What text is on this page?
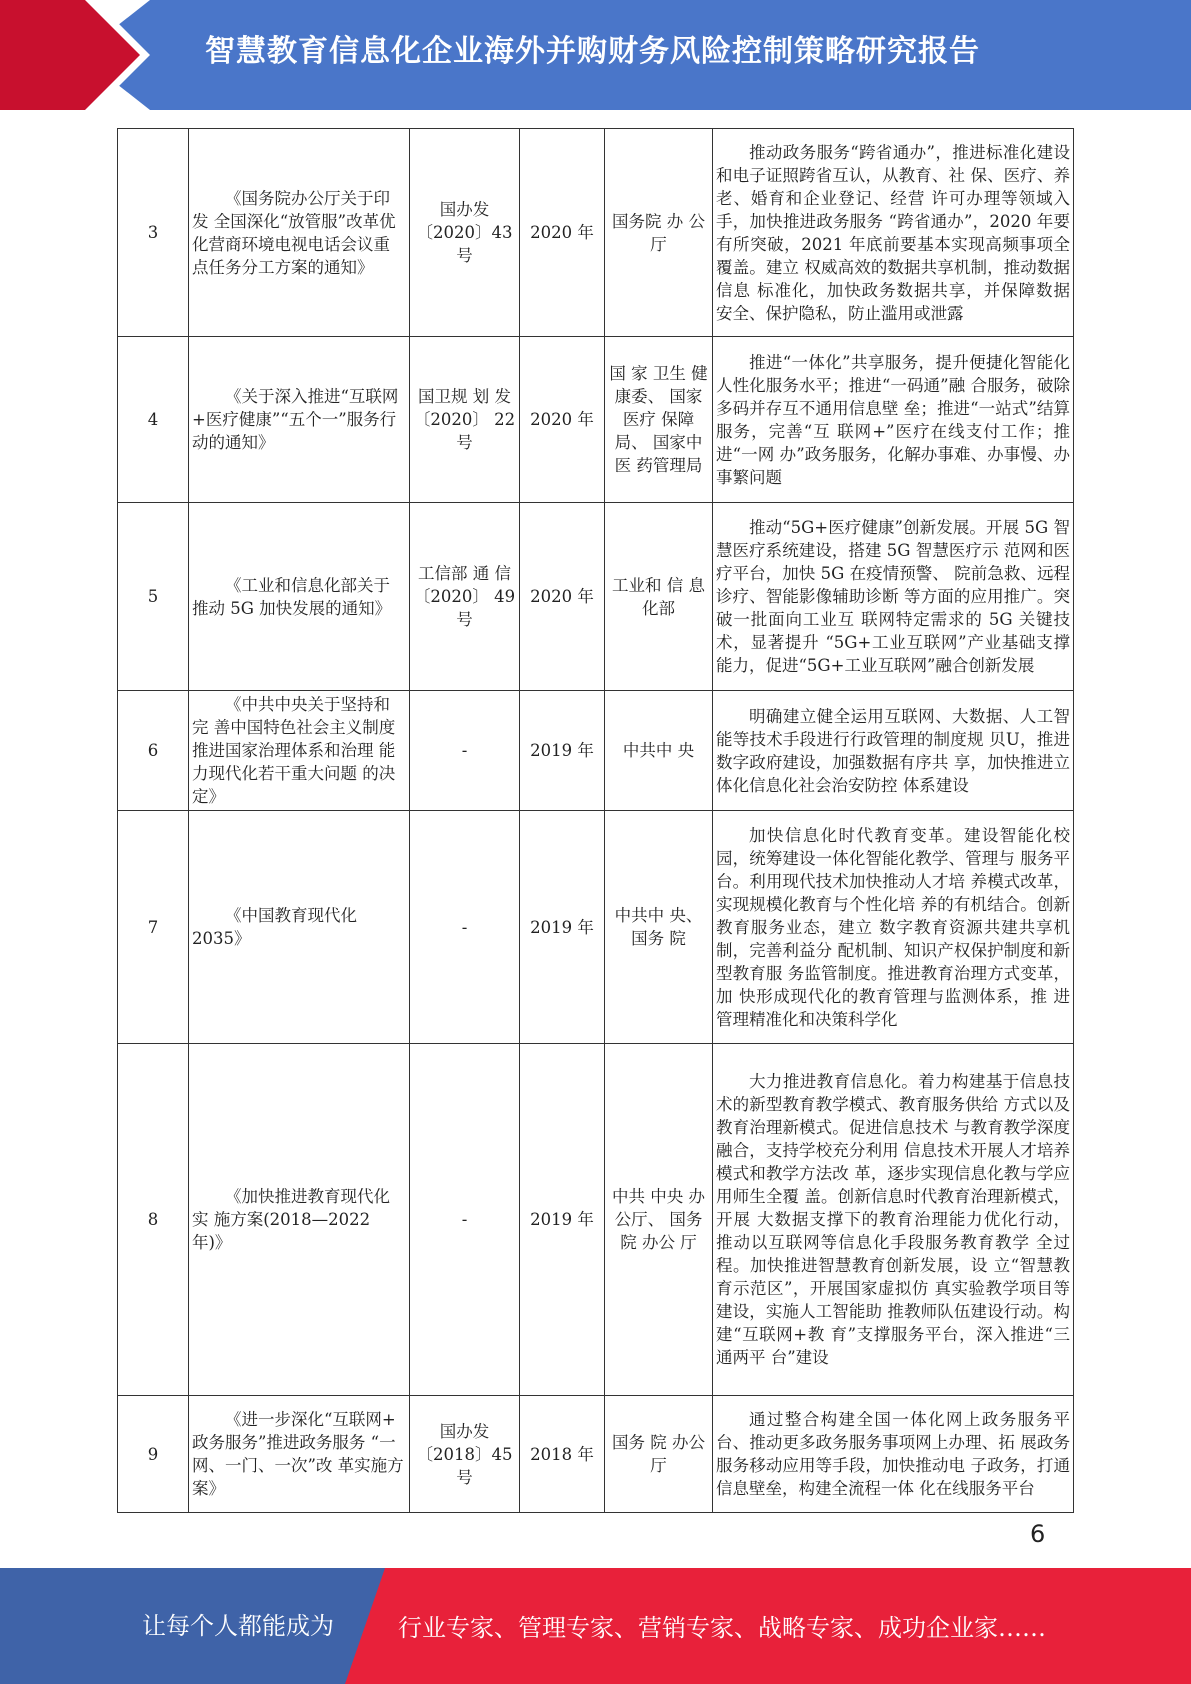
智慧教育信息化企业海外并购财务风险控制策略研究报告
3	《国务院办公厅关于印发 全国深化“放管服”改革优化营商环境电视电话会议重点任务分工方案的通知》	国办发〔2020〕43 号	2020 年	国务院 办 公厅	推动政务服务“跨省通办”，推进标准化建设和电子证照跨省互认，从教育、社 保、医疗、养老、婚育和企业登记、经营 许可办理等领域入手，加快推进政务服务 “跨省通办”，2020 年要有所突破，2021 年底前要基本实现高频事项全覆盖。建立 权威高效的数据共享机制，推动数据信息 标准化，加快政务数据共享，并保障数据 安全、保护隐私，防止滥用或泄露
4	《关于深入推进“互联网 +医疗健康”“五个一”服务行动的通知》	国卫规 划 发 〔2020〕 22 号	2020 年	国 家 卫生 健康委、 国家医疗 保障局、 国家中医 药管理局	推进“一体化”共享服务，提升便捷化智能化人性化服务水平；推进“一码通”融 合服务，破除多码并存互不通用信息壁 垒；推进“一站式”结算服务，完善“互 联网+”医疗在线支付工作；推进“一网 办”政务服务，化解办事难、办事慢、办 事繁问题
5	《工业和信息化部关于推动 5G 加快发展的通知》	工信部 通 信 〔2020〕 49 号	2020 年	工业和 信 息化部	推动“5G+医疗健康”创新发展。开展 5G 智慧医疗系统建设，搭建 5G 智慧医疗示 范网和医疗平台，加快 5G 在疫情预警、 院前急救、远程诊疗、智能影像辅助诊断 等方面的应用推广。突破一批面向工业互 联网特定需求的 5G 关键技术，显著提升 “5G+工业互联网”产业基础支撑能力，促进“5G+工业互联网”融合创新发展
6	《中共中央关于坚持和完 善中国特色社会主义制度 推进国家治理体系和治理 能力现代化若干重大问题 的决定》	-	2019 年	中共中 央	明确建立健全运用互联网、大数据、人工智能等技术手段进行行政管理的制度规 贝U，推进数字政府建设，加强数据有序共 享，加快推进立体化信息化社会治安防控 体系建设
7	《中国教育现代化 2035》	-	2019 年	中共中 央、国务 院	加快信息化时代教育变革。建设智能化校园，统筹建设一体化智能化教学、管理与 服务平台。利用现代技术加快推动人才培 养模式改革，实现规模化教育与个性化培 养的有机结合。创新教育服务业态，建立 数字教育资源共建共享机制，完善利益分 配机制、知识产权保护制度和新型教育服 务监管制度。推进教育治理方式变革，加 快形成现代化的教育管理与监测体系，推 进管理精准化和决策科学化
8	《加快推进教育现代化实 施方案(2018—2022 年)》	-	2019 年	中共 中央 办公厅、 国务 院 办公 厅	大力推进教育信息化。着力构建基于信息技术的新型教育教学模式、教育服务供给 方式以及教育治理新模式。促进信息技术 与教育教学深度融合，支持学校充分利用 信息技术开展人才培养模式和教学方法改 革，逐步实现信息化教与学应用师生全覆 盖。创新信息时代教育治理新模式，开展 大数据支撑下的教育治理能力优化行动， 推动以互联网等信息化手段服务教育教学 全过程。加快推进智慧教育创新发展，设 立“智慧教育示范区”，开展国家虚拟仿 真实验教学项目等建设，实施人工智能助 推教师队伍建设行动。构建“互联网+教 育”支撑服务平台，深入推进“三通两平 台”建设
9	《进一步深化“互联网+ 政务服务”推进政务服务 “一网、一门、一次”改 革实施方案》	国办发〔2018〕45 号	2018 年	国务 院 办公 厅	通过整合构建全国一体化网上政务服务平 台、推动更多政务服务事项网上办理、拓 展政务服务移动应用等手段，加快推动电 子政务，打通信息壁垒，构建全流程一体 化在线服务平台
6
让每个人都能成为	行业专家、管理专家、营销专家、战略专家、成功企业家……
